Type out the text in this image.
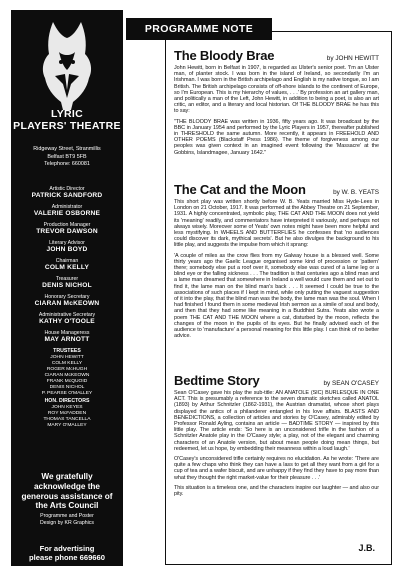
LYRIC
PLAYERS' THEATRE
Ridgeway Street, Stranmillis
Belfast BT9 5FB
Telephone: 660081
Artistic Director
PATRICK SANDFORD
Administrator
VALERIE OSBORNE
Production Manager
TREVOR DAWSON
Literary Advisor
JOHN BOYD
Chairman
COLM KELLY
Treasurer
DENIS NICHOL
Honorary Secretary
CIARAN McKEOWN
Administrative Secretary
KATHY O'TOOLE
House Manageress
MAY ARNOTT
TRUSTEES
JOHN HEWITT
COLM KELLY
ROGER McHUGH
CIARAN McKEOWN
FRANK McQUOID
DENIS NICHOL
P. PEARSE O'MALLEY
HON. DIRECTORS
JOHN KEYES
ROY McFADDEN
THOMAS TANCELLA
MARY O'MALLEY
We gratefully acknowledge the generous assistance of the Arts Council
Programme and Poster
Design by KR Graphics
For advertising
please phone 669660
The Bloody Brae	by JOHN HEWITT

John Hewitt, born in Belfast in 1907, is regarded as Ulster's senior poet. 'I'm an Ulster man, of planter stock. I was born in the island of Ireland, so secondarily I'm an Irishman. I was born in the British archipelago and English is my native tongue, so I am British. The British archipelago consists of off-shore islands to the continent of Europe, so I'm European. This is my hierarchy of values, . . .' By profession an art gallery man, and politically a man of the Left, John Hewitt, in addition to being a poet, is also an art critic, an editor, and a literary and local historian. Of THE BLOODY BRAE he has this to say:

"THE BLOODY BRAE was written in 1936, fifty years ago. It was broadcast by the BBC in January 1954 and performed by the Lyric Players in 1957, thereafter published in THRESHOLD the same autumn. More recently, it appears in FREEHOLD AND OTHER POEMS (Blackstaff Press 1986). The theme of forgiveness among our peoples was given context in an imagined event following the 'Massacre' at the Gobbins, Islandmagee, January 1642."

The Cat and the Moon	by W. B. YEATS

This short play was written shortly before W. B. Yeats married Miss Hyde-Lees in London on 21 October, 1917. It was performed at the Abbey Theatre on 21 September, 1931. A highly concentrated, symbolic play, THE CAT AND THE MOON does not yield its 'meaning' readily, and commentators have interpreted it variously, and perhaps not always wisely. Moreover some of Yeats' own notes might have been more helpful and less mystifying. In WHEELS AND BUTTERFLIES he confesses that 'no audiences could discover its dark, mythical secrets'. But he also divulges the background to his little play, and suggests the impulse from which it sprang:

'A couple of miles as the crow flies from my Galway house is a blessed well. Some thirty years ago the Gaelic League organised some kind of procession or 'pattern' there; somebody else put a roof over it, somebody else was cured of a lame leg or a blind eye or the falling sickness . . . The tradition is that centuries ago a blind man and a lame man dreamed that somewhere in Ireland a well would cure them and set out to find it, the lame man on the blind man's back . . . It seemed I could be true to the associations of such places if I kept in mind, while only putting the vaguest suggestion of it into the play, that the blind man was the body, the lame man was the soul. When I had finished I found them in some medieval Irish sermon as a simile of soul and body, and then that they had some like meaning in a Buddhist Sutra. Yeats also wrote a poem THE CAT AND THE MOON where a cat, disturbed by the moon, reflects the changes of the moon in the pupils of its eyes. But he finally advised each of the audience to 'manufacture' a personal meaning for this little play. I can think of no better advice.

Bedtime Story	by SEAN O'CASEY

Sean O'Casey gave his play the sub-title: AN ANATOLE (SIC) BURLESQUE IN ONE ACT. This is presumably a reference to the seven dramatic sketches called ANATOL (1893) by Arthur Schnitzler (1862-1931), the Austrian dramatist, whose short plays displayed the antics of a philanderer entangled in his love affairs. BLASTS AND BENEDICTIONS, a collection of articles and stories by O'Casey, admirably edited by Professor Ronald Ayling, contains an article — BADTIME STORY — inspired by this little play. The article ends: 'So here is an unconsidered trifle in the fashion of a Schnitzler Anatole play in the O'Casey style; a play, not of the elegant and charming characters of an Anatole version, but about mean people doing mean things, but redeemed, let us hope, by embedding their meanness within a loud laugh.'

O'Casey's unconsidered trifle certainly requires no elucidation. As he wrote: 'There are quite a few chaps who think they can have a lass to get all they want from a girl for a cup of tea and a wafer biscuit, and are unhappy if they find they have to pay more than what they thought the right market-value for their pleasure . . .'

This situation is a timeless one, and the characters inspire our laughter — and also our pity.

J.B.
PROGRAMME NOTE
